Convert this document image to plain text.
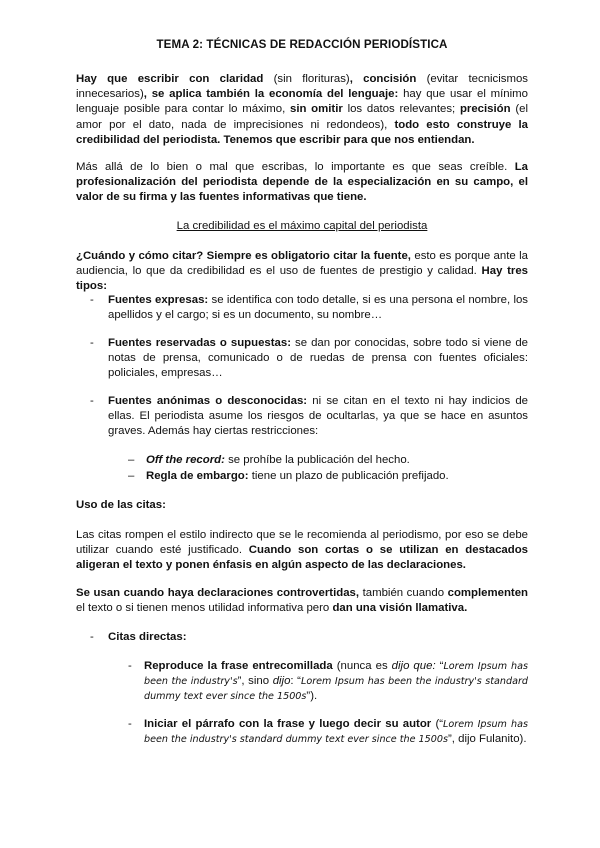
TEMA 2: TÉCNICAS DE REDACCIÓN PERIODÍSTICA

Hay que escribir con claridad (sin florituras), concisión (evitar tecnicismos innecesarios), se aplica también la economía del lenguaje: hay que usar el mínimo lenguaje posible para contar lo máximo, sin omitir los datos relevantes; precisión (el amor por el dato, nada de imprecisiones ni redondeos), todo esto construye la credibilidad del periodista. Tenemos que escribir para que nos entiendan.

Más allá de lo bien o mal que escribas, lo importante es que seas creíble. La profesionalización del periodista depende de la especialización en su campo, el valor de su firma y las fuentes informativas que tiene.

La credibilidad es el máximo capital del periodista

¿Cuándo y cómo citar? Siempre es obligatorio citar la fuente, esto es porque ante la audiencia, lo que da credibilidad es el uso de fuentes de prestigio y calidad. Hay tres tipos:

- Fuentes expresas: se identifica con todo detalle, si es una persona el nombre, los apellidos y el cargo; si es un documento, su nombre…

- Fuentes reservadas o supuestas: se dan por conocidas, sobre todo si viene de notas de prensa, comunicado o de ruedas de prensa con fuentes oficiales: policiales, empresas…

- Fuentes anónimas o desconocidas: ni se citan en el texto ni hay indicios de ellas. El periodista asume los riesgos de ocultarlas, ya que se hace en asuntos graves. Además hay ciertas restricciones:

– Off the record: se prohíbe la publicación del hecho.

– Regla de embargo: tiene un plazo de publicación prefijado.

Uso de las citas:

Las citas rompen el estilo indirecto que se le recomienda al periodismo, por eso se debe utilizar cuando esté justificado. Cuando son cortas o se utilizan en destacados aligeran el texto y ponen énfasis en algún aspecto de las declaraciones.

Se usan cuando haya declaraciones controvertidas, también cuando complementen el texto o si tienen menos utilidad informativa pero dan una visión llamativa.

- Citas directas:

- Reproduce la frase entrecomillada (nunca es dijo que: “Lorem Ipsum has been the industry's”, sino dijo: “Lorem Ipsum has been the industry's standard dummy text ever since the 1500s”).

- Iniciar el párrafo con la frase y luego decir su autor (“Lorem Ipsum has been the industry's standard dummy text ever since the 1500s”, dijo Fulanito).
